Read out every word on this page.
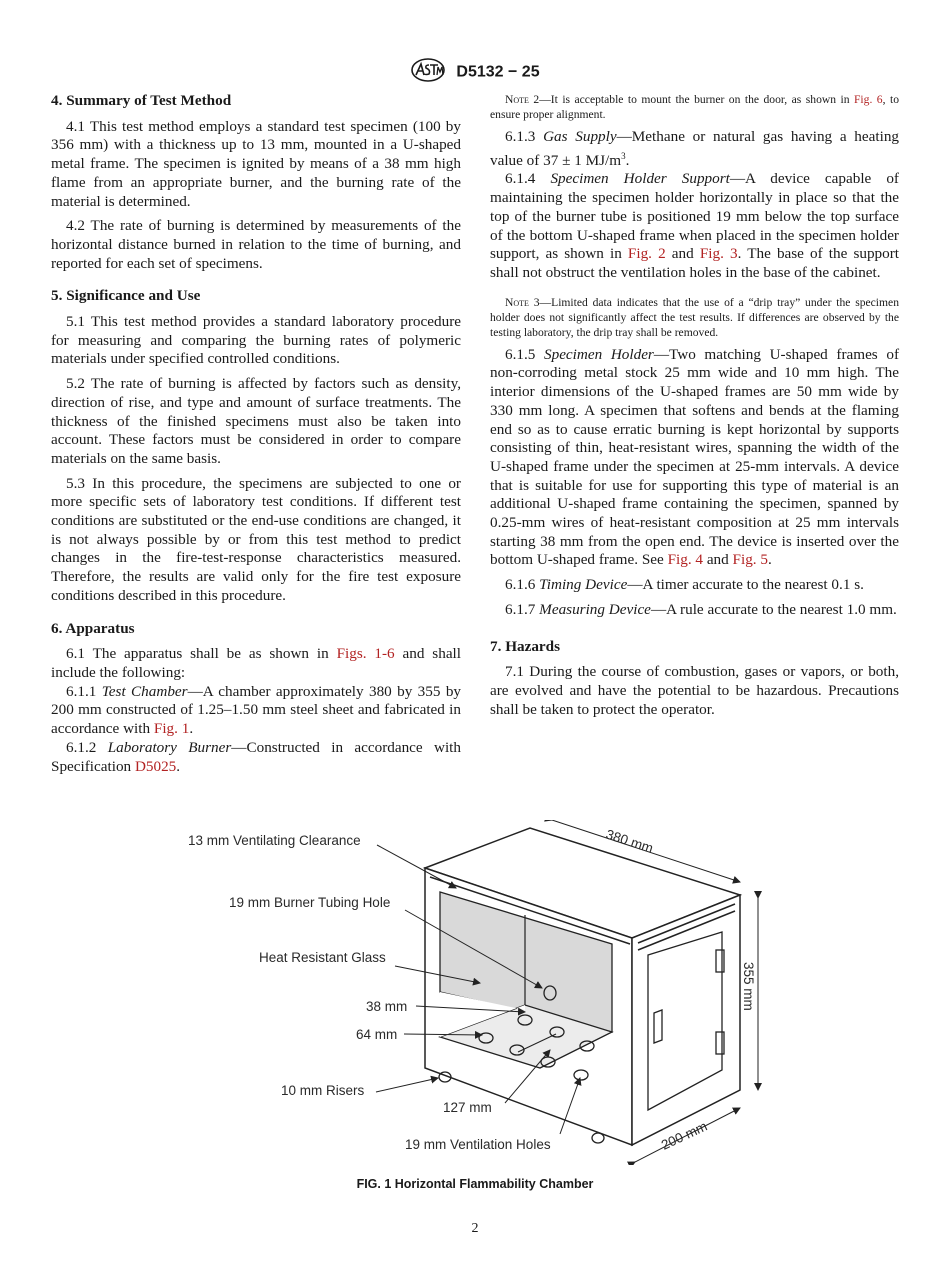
D5132 − 25
4. Summary of Test Method

4.1 This test method employs a standard test specimen (100 by 356 mm) with a thickness up to 13 mm, mounted in a U-shaped metal frame. The specimen is ignited by means of a 38 mm high flame from an appropriate burner, and the burning rate of the material is determined.

4.2 The rate of burning is determined by measurements of the horizontal distance burned in relation to the time of burning, and reported for each set of specimens.

5. Significance and Use

5.1 This test method provides a standard laboratory procedure for measuring and comparing the burning rates of polymeric materials under specified controlled conditions.

5.2 The rate of burning is affected by factors such as density, direction of rise, and type and amount of surface treatments. The thickness of the finished specimens must also be taken into account. These factors must be considered in order to compare materials on the same basis.

5.3 In this procedure, the specimens are subjected to one or more specific sets of laboratory test conditions. If different test conditions are substituted or the end-use conditions are changed, it is not always possible by or from this test method to predict changes in the fire-test-response characteristics measured. Therefore, the results are valid only for the fire test exposure conditions described in this procedure.

6. Apparatus

6.1 The apparatus shall be as shown in Figs. 1-6 and shall include the following:

6.1.1 Test Chamber—A chamber approximately 380 by 355 by 200 mm constructed of 1.25–1.50 mm steel sheet and fabricated in accordance with Fig. 1.

6.1.2 Laboratory Burner—Constructed in accordance with Specification D5025.

Note 2—It is acceptable to mount the burner on the door, as shown in Fig. 6, to ensure proper alignment.

6.1.3 Gas Supply—Methane or natural gas having a heating value of 37 ± 1 $MJ/m^3$.

6.1.4 Specimen Holder Support—A device capable of maintaining the specimen holder horizontally in place so that the top of the burner tube is positioned 19 mm below the top surface of the bottom U-shaped frame when placed in the specimen holder support, as shown in Fig. 2 and Fig. 3. The base of the support shall not obstruct the ventilation holes in the base of the cabinet.

Note 3—Limited data indicates that the use of a “drip tray” under the specimen holder does not significantly affect the test results. If differences are observed by the testing laboratory, the drip tray shall be removed.

6.1.5 Specimen Holder—Two matching U-shaped frames of non-corroding metal stock 25 mm wide and 10 mm high. The interior dimensions of the U-shaped frames are 50 mm wide by 330 mm long. A specimen that softens and bends at the flaming end so as to cause erratic burning is kept horizontal by supports consisting of thin, heat-resistant wires, spanning the width of the U-shaped frame under the specimen at 25-mm intervals. A device that is suitable for use for supporting this type of material is an additional U-shaped frame containing the specimen, spanned by 0.25-mm wires of heat-resistant composition at 25 mm intervals starting 38 mm from the open end. The device is inserted over the bottom U-shaped frame. See Fig. 4 and Fig. 5.

6.1.6 Timing Device—A timer accurate to the nearest 0.1 s.

6.1.7 Measuring Device—A rule accurate to the nearest 1.0 mm.

7. Hazards

7.1 During the course of combustion, gases or vapors, or both, are evolved and have the potential to be hazardous. Precautions shall be taken to protect the operator.

13 mm Ventilating Clearance
19 mm Burner Tubing Hole
Heat Resistant Glass
38 mm
64 mm
10 mm Risers
127 mm
19 mm Ventilation Holes
380 mm
355 mm
200 mm
FIG. 1 Horizontal Flammability Chamber
2
